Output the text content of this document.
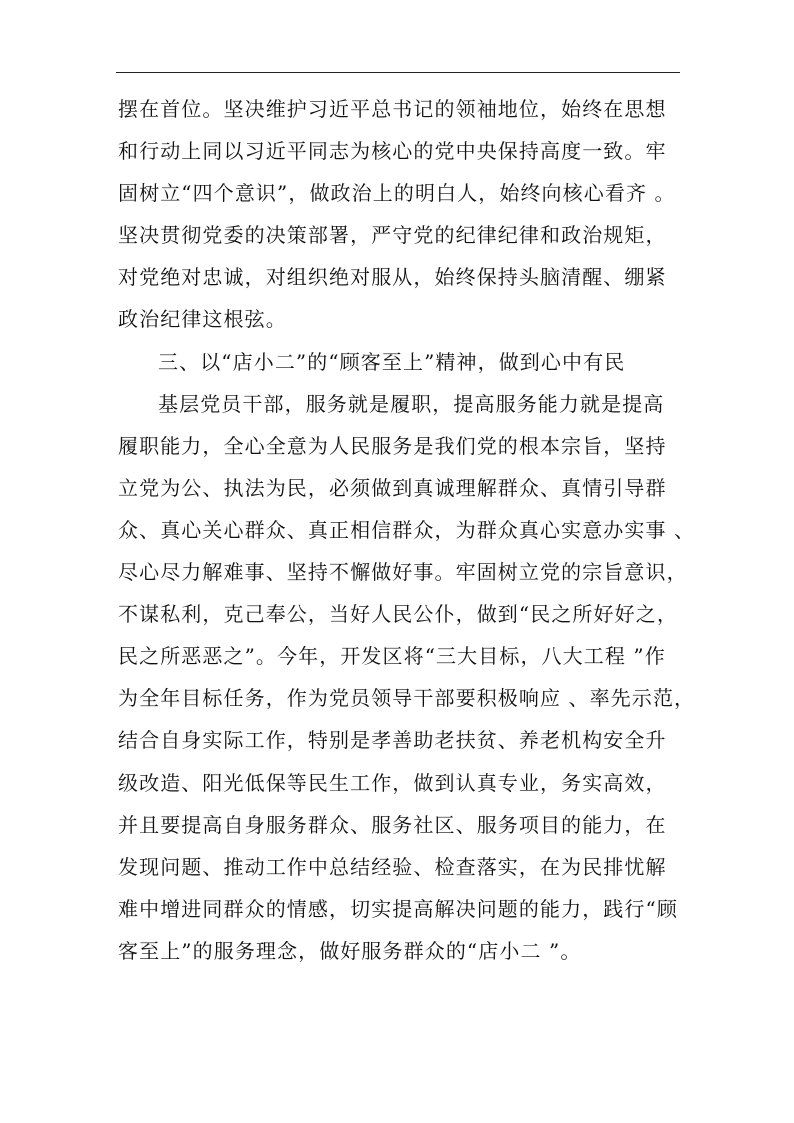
摆在首位。坚决维护习近平总书记的领袖地位，始终在思想
和行动上同以习近平同志为核心的党中央保持高度一致。牢
固树立“四个意识”，做政治上的明白人，始终向核心看齐 。
坚决贯彻党委的决策部署，严守党的纪律纪律和政治规矩，
对党绝对忠诚，对组织绝对服从，始终保持头脑清醒、绷紧
政治纪律这根弦。
三、以“店小二”的“顾客至上”精神，做到心中有民
基层党员干部，服务就是履职，提高服务能力就是提高
履职能力，全心全意为人民服务是我们党的根本宗旨，坚持
立党为公、执法为民，必须做到真诚理解群众、真情引导群
众、真心关心群众、真正相信群众，为群众真心实意办实事 、
尽心尽力解难事、坚持不懈做好事。牢固树立党的宗旨意识，
不谋私利，克己奉公，当好人民公仆，做到“民之所好好之，
民之所恶恶之”。今年，开发区将“三大目标，八大工程 ”作
为全年目标任务，作为党员领导干部要积极响应 、率先示范，
结合自身实际工作，特别是孝善助老扶贫、养老机构安全升
级改造、阳光低保等民生工作，做到认真专业，务实高效，
并且要提高自身服务群众、服务社区、服务项目的能力，在
发现问题、推动工作中总结经验、检查落实，在为民排忧解
难中增进同群众的情感，切实提高解决问题的能力，践行“顾
客至上”的服务理念，做好服务群众的“店小二 ”。
